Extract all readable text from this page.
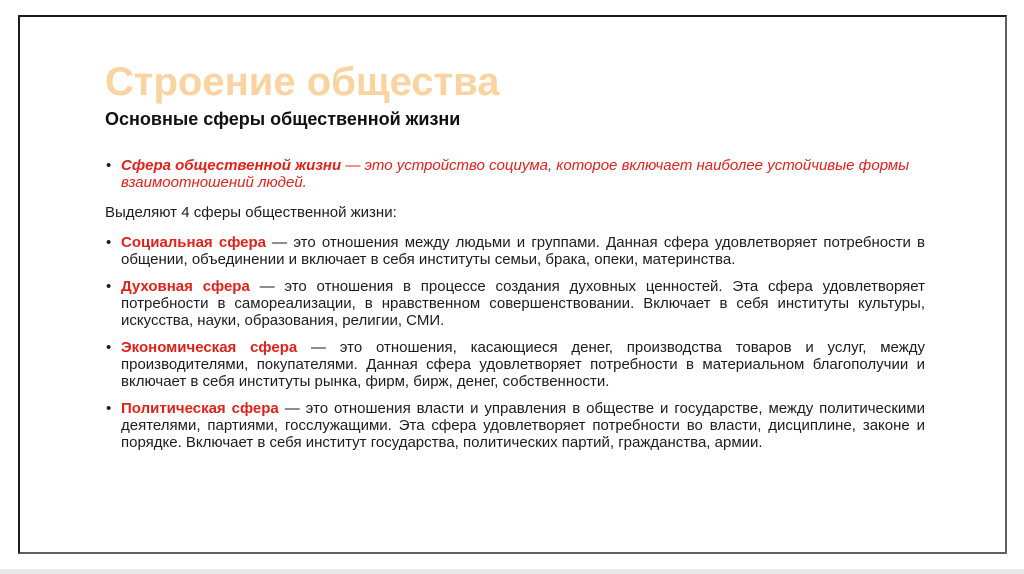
Строение общества
Основные сферы общественной жизни
• Сфера общественной жизни — это устройство социума, которое включает наиболее устойчивые формы взаимоотношений людей.
Выделяют 4 сферы общественной жизни:
• Социальная сфера — это отношения между людьми и группами. Данная сфера удовлетворяет потребности в общении, объединении и включает в себя институты семьи, брака, опеки, материнства.
• Духовная сфера — это отношения в процессе создания духовных ценностей. Эта сфера удовлетворяет потребности в самореализации, в нравственном совершенствовании. Включает в себя институты культуры, искусства, науки, образования, религии, СМИ.
• Экономическая сфера — это отношения, касающиеся денег, производства товаров и услуг, между производителями, покупателями. Данная сфера удовлетворяет потребности в материальном благополучии и включает в себя институты рынка, фирм, бирж, денег, собственности.
• Политическая сфера — это отношения власти и управления в обществе и государстве, между политическими деятелями, партиями, госслужащими. Эта сфера удовлетворяет потребности во власти, дисциплине, законе и порядке. Включает в себя институт государства, политических партий, гражданства, армии.
